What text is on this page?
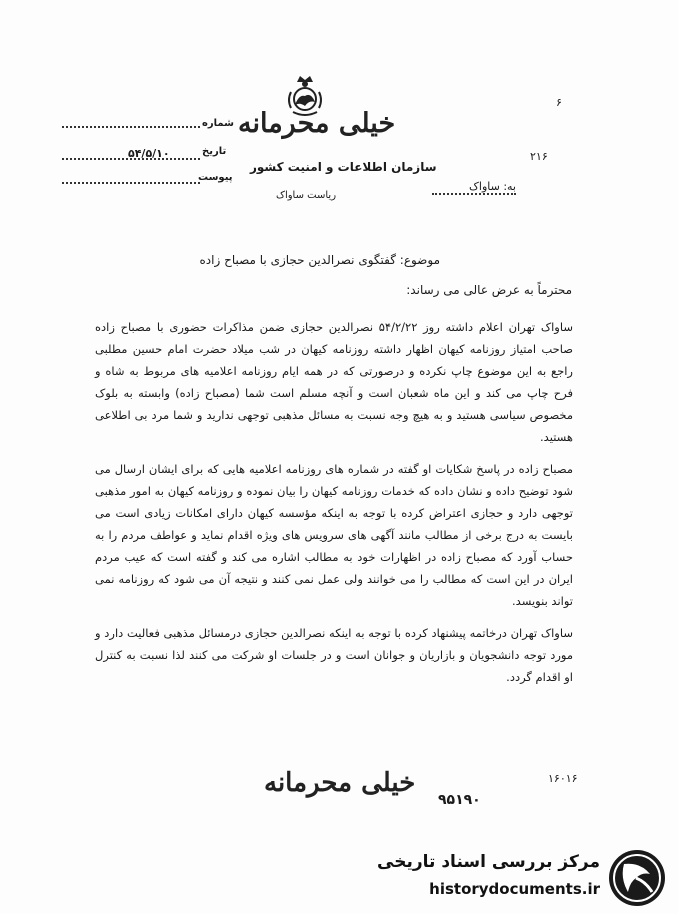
خیلی محرمانه
سازمان اطلاعات و امنیت کشور
ریاست ساواک
شماره
۵۴/۵/۱۰	تاریخ
پیوست
۶
۲۱۶
به: ساواک
موضوع: گفتگوی نصرالدین حجازی با مصباح زاده
محترماً به عرض عالی می رساند:

ساواک تهران اعلام داشته روز ۵۴/۲/۲۲ نصرالدین حجازی ضمن مذاکرات حضوری با مصباح زاده صاحب امتیاز روزنامه کیهان اظهار داشته روزنامه کیهان در شب میلاد حضرت امام حسین مطلبی راجع به این موضوع چاپ نکرده و درصورتی که در همه ایام روزنامه اعلامیه های مربوط به شاه و فرح چاپ می کند و این ماه شعبان است و آنچه مسلم است شما (مصباح زاده) وابسته به بلوک مخصوص سیاسی هستید و به هیچ وجه نسبت به مسائل مذهبی توجهی ندارید و شما مرد بی اطلاعی هستید.

مصباح زاده در پاسخ شکایات او گفته در شماره های روزنامه اعلامیه هایی که برای ایشان ارسال می شود توضیح داده و نشان داده که خدمات روزنامه کیهان را بیان نموده و روزنامه کیهان به امور مذهبی توجهی دارد و حجازی اعتراض کرده با توجه به اینکه مؤسسه کیهان دارای امکانات زیادی است می بایست به درج برخی از مطالب مانند آگهی های سرویس های ویژه اقدام نماید و عواطف مردم را به حساب آورد که مصباح زاده در اظهارات خود به مطالب اشاره می کند و گفته است که عیب مردم ایران در این است که مطالب را می خوانند ولی عمل نمی کنند و نتیجه آن می شود که روزنامه نمی تواند بنویسد.

ساواک تهران درخاتمه پیشنهاد کرده با توجه به اینکه نصرالدین حجازی درمسائل مذهبی فعالیت دارد و مورد توجه دانشجویان و بازاریان و جوانان است و در جلسات او شرکت می کنند لذا نسبت به کنترل او اقدام گردد.

خیلی محرمانه	۱۶۰۱۶
۹۵۱۹۰
مرکز بررسی اسناد تاریخی
historydocuments.ir
